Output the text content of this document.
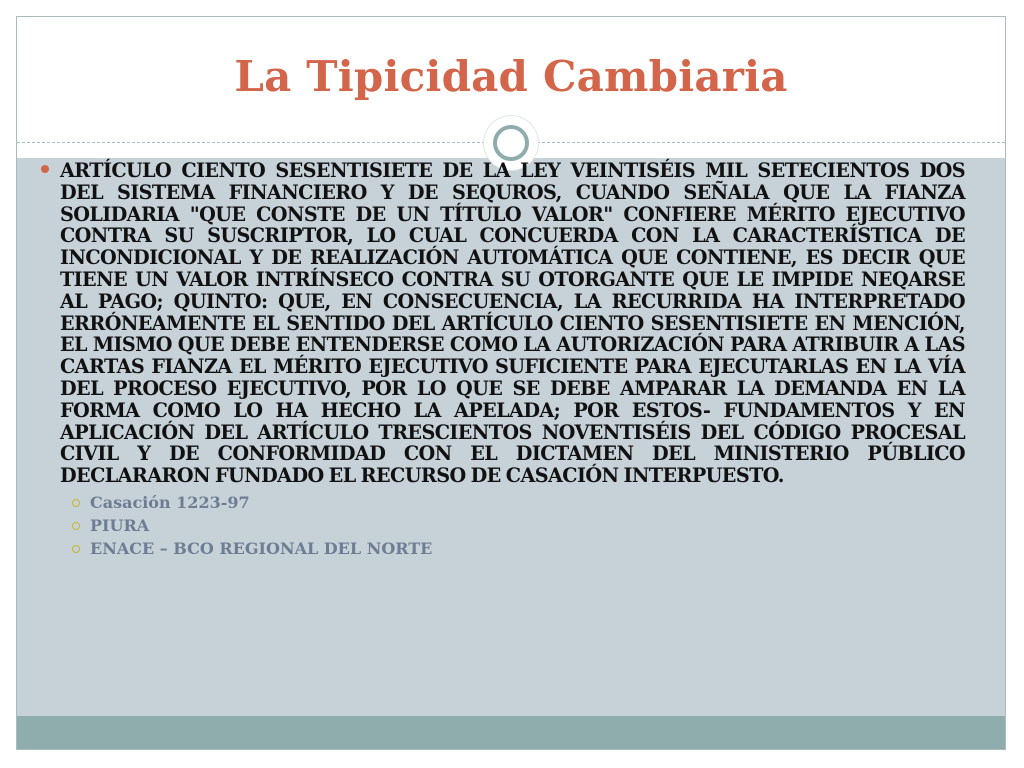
La Tipicidad Cambiaria

ARTÍCULO CIENTO SESENTISIETE DE LA LEY VEINTISÉIS MIL SETECIENTOS DOS DEL SISTEMA FINANCIERO Y DE SEQUROS, CUANDO SEÑALA QUE LA FIANZA SOLIDARIA "QUE CONSTE DE UN TÍTULO VALOR" CONFIERE MÉRITO EJECUTIVO CONTRA SU SUSCRIPTOR, LO CUAL CONCUERDA CON LA CARACTERÍSTICA DE INCONDICIONAL Y DE REALIZACIÓN AUTOMÁTICA QUE CONTIENE, ES DECIR QUE TIENE UN VALOR INTRÍNSECO CONTRA SU OTORGANTE QUE LE IMPIDE NEQARSE AL PAGO; QUINTO: QUE, EN CONSECUENCIA, LA RECURRIDA HA INTERPRETADO ERRÓNEAMENTE EL SENTIDO DEL ARTÍCULO CIENTO SESENTISIETE EN MENCIÓN, EL MISMO QUE DEBE ENTENDERSE COMO LA AUTORIZACIÓN PARA ATRIBUIR A LAS CARTAS FIANZA EL MÉRITO EJECUTIVO SUFICIENTE PARA EJECUTARLAS EN LA VÍA DEL PROCESO EJECUTIVO, POR LO QUE SE DEBE AMPARAR LA DEMANDA EN LA FORMA COMO LO HA HECHO LA APELADA; POR ESTOS- FUNDAMENTOS Y EN APLICACIÓN DEL ARTÍCULO TRESCIENTOS NOVENTISÉIS DEL CÓDIGO PROCESAL CIVIL Y DE CONFORMIDAD CON EL DICTAMEN DEL MINISTERIO PÚBLICO DECLARARON FUNDADO EL RECURSO DE CASACIÓN INTERPUESTO.

Casación 1223-97
PIURA
ENACE – BCO REGIONAL DEL NORTE
